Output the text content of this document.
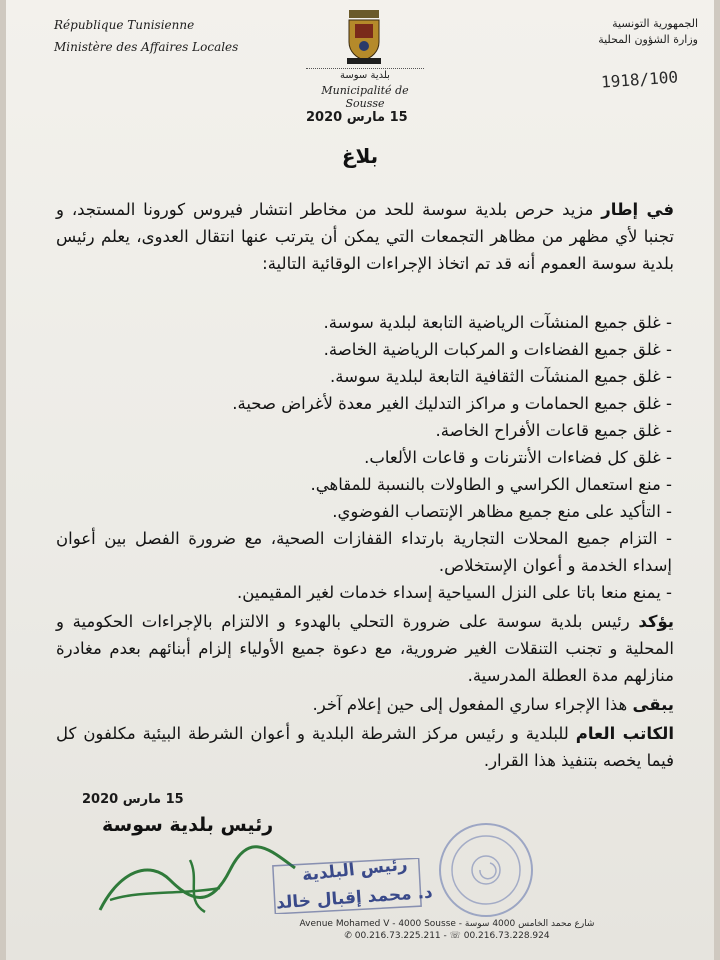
République Tunisienne
Ministère des Affaires Locales
الجمهورية التونسية
وزارة الشؤون المحلية
بلدية سوسة
Municipalité de Sousse
1918/100
15 مارس 2020
بلاغ

في إطار مزيد حرص بلدية سوسة للحد من مخاطر انتشار فيروس كورونا المستجد، و تجنبا لأي مظهر من مظاهر التجمعات التي يمكن أن يترتب عنها انتقال العدوى، يعلم رئيس بلدية سوسة العموم أنه قد تم اتخاذ الإجراءات الوقائية التالية:

- غلق جميع المنشآت الرياضية التابعة لبلدية سوسة.
- غلق جميع الفضاءات و المركبات الرياضية الخاصة.
- غلق جميع المنشآت الثقافية التابعة لبلدية سوسة.
- غلق جميع الحمامات و مراكز التدليك الغير معدة لأغراض صحية.
- غلق جميع قاعات الأفراح الخاصة.
- غلق كل فضاءات الأنترنات و قاعات الألعاب.
- منع استعمال الكراسي و الطاولات بالنسبة للمقاهي.
- التأكيد على منع جميع مظاهر الإنتصاب الفوضوي.
- التزام جميع المحلات التجارية بارتداء القفازات الصحية، مع ضرورة الفصل بين أعوان إسداء الخدمة و أعوان الإستخلاص.
- يمنع منعا باتا على النزل السياحية إسداء خدمات لغير المقيمين.

يؤكد رئيس بلدية سوسة على ضرورة التحلي بالهدوء و الالتزام بالإجراءات الحكومية و المحلية و تجنب التنقلات الغير ضرورية، مع دعوة جميع الأولياء إلزام أبنائهم بعدم مغادرة منازلهم مدة العطلة المدرسية.

يبقى هذا الإجراء ساري المفعول إلى حين إعلام آخر.

الكاتب العام للبلدية و رئيس مركز الشرطة البلدية و أعوان الشرطة البيئية مكلفون كل فيما يخصه بتنفيذ هذا القرار.

15 مارس 2020
رئيس بلدية سوسة
رئيس البلدية
د. محمد إقبال خالد
شارع محمد الخامس 4000 سوسة - Avenue Mohamed V - 4000 Sousse
✆ 00.216.73.225.211 - ☏ 00.216.73.228.924
